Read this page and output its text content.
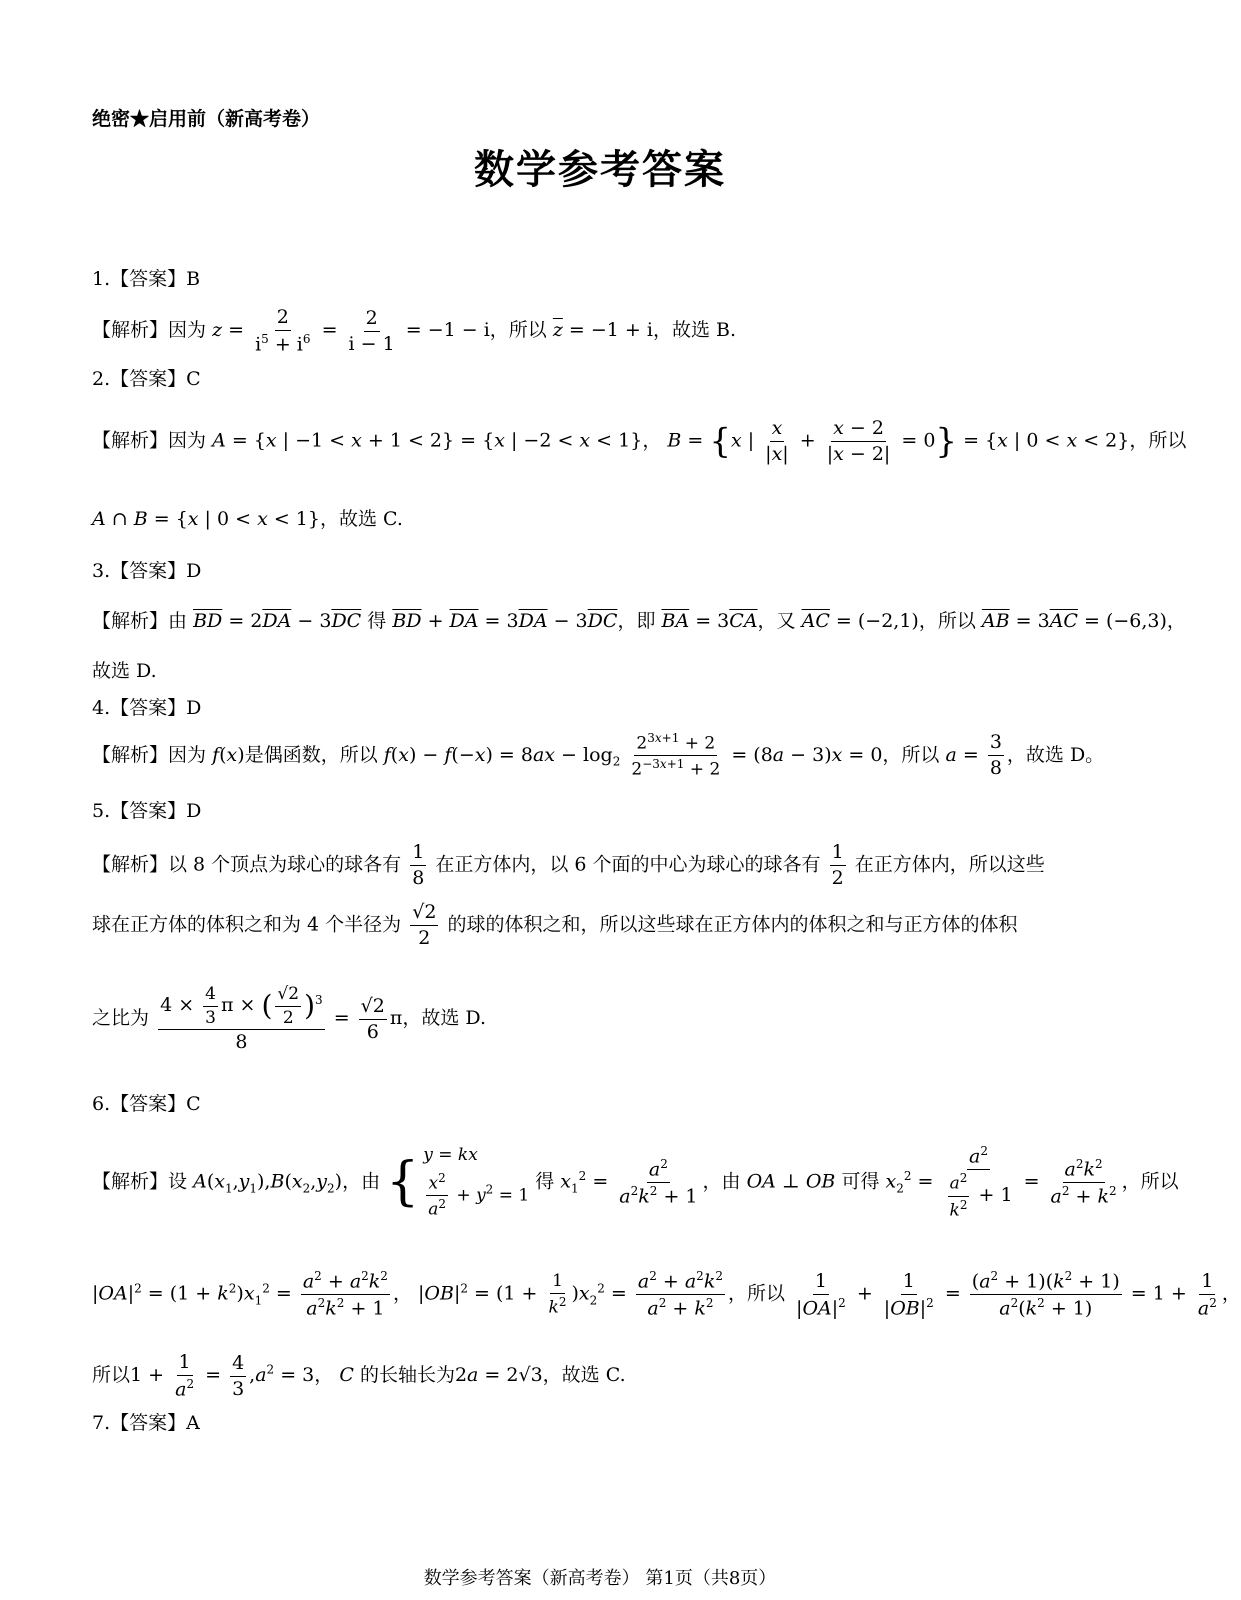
绝密★启用前（新高考卷）
数学参考答案
1.【答案】B
【解析】因为 $z = \frac{2}{i^5 + i^6} = \frac{2}{i - 1} = -1 - i$，所以 $\overline{z} = -1 + i$，故选 B.
2.【答案】C
【解析】因为 A = {x | −1 < x + 1 < 2} = {x | −2 < x < 1}， B = {x | $\frac{x}{|x|} + \frac{x - 2}{|x - 2|} = 0\} = \{x$ | 0 < x < 2}，所以
A ∩ B = {x | 0 < x < 1}，故选 C.
3.【答案】D
【解析】由 $\overline{BD} = 2\overline{DA} - 3\overline{DC}$ 得 $\overline{BD} + \overline{DA} = 3\overline{DA} - 3\overline{DC}$，即 $\overline{BA} = 3\overline{CA}$，又 $\overline{AC} = (-2,1)$，所以 $\overline{AB} = 3\overline{AC} = (-6,3)$，
故选 D.
4.【答案】D
【解析】因为 f(x)是偶函数，所以 $f(x) - f(-x) = 8ax - \log_2 \frac{2^{3x+1} + 2}{2^{-3x+1} + 2} = (8a - 3)x = 0$，所以 $a = \frac{3}{8}$ ，故选 D。
5.【答案】D
【解析】以 8 个顶点为球心的球各有 $\frac{1}{8}$ 在正方体内，以 6 个面的中心为球心的球各有 $\frac{1}{2}$ 在正方体内，所以这些
球在正方体的体积之和为 4 个半径为 $\frac{√2}{2}$ 的球的体积之和，所以这些球在正方体内的体积之和与正方体的体积
之比为 $\frac{4 \times \frac{4}{3} \pi \times ( \frac{√2}{2} )^3}{8} = \frac{√2}{6}$ π，故选 D.
6.【答案】C
【解析】设 $A(x_1,y_1),B(x_2,y_2)$，由 { y = kx
$\frac{x^2}{a^2} + y^2 = 1$
得 $x_1^2 = \frac{a^2}{a^2k^2 + 1}$ ，由 OA ⊥ OB 可得 $x_2^2 = \frac{a^2}{\frac{a^2}{k^2} + 1} = \frac{a^2k^2}{a^2 + k^2}$ ，所以
$|OA|^2 = (1 + k^2)x_1^2 = \frac{a^2 + a^2k^2}{a^2k^2 + 1}$ ， $|OB|^2 = (1 + \frac{1}{k^2} )x_2^2 = \frac{a^2 + a^2k^2}{a^2 + k^2}$ ，所以 $\frac{1}{|OA|^2} + \frac{1}{|OB|^2} = \frac{(a^2 + 1)(k^2 + 1)}{a^2(k^2 + 1)} = 1 + \frac{1}{a^2}$ ，
所以$1 + \frac{1}{a^2} = \frac{4}{3} ,a^2 = 3$， C 的长轴长为2a = 2√3，故选 C.
7.【答案】A
数学参考答案（新高考卷） 第1页（共8页）
